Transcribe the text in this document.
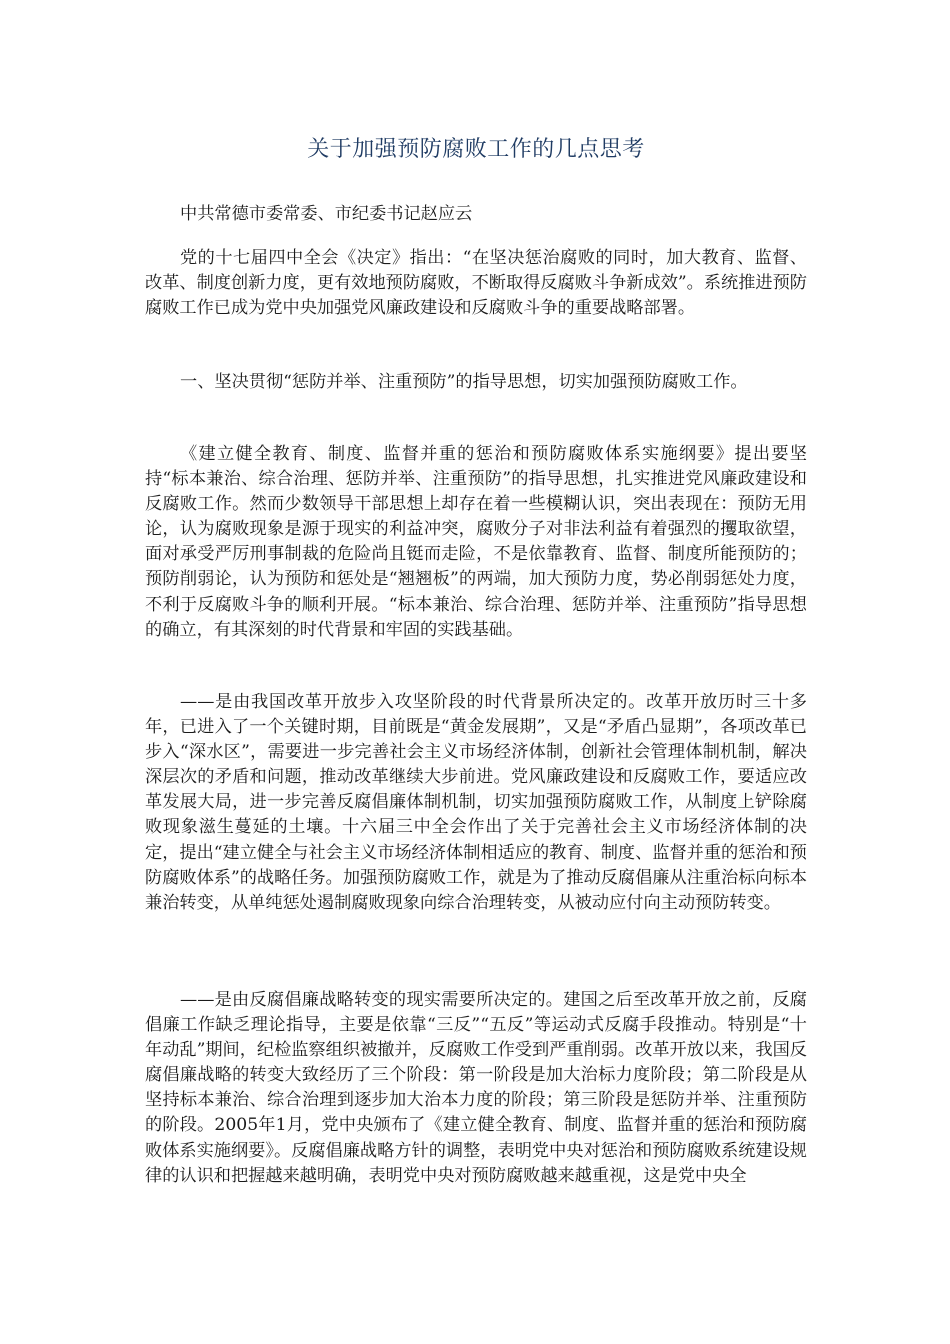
关于加强预防腐败工作的几点思考

中共常德市委常委、市纪委书记赵应云

党的十七届四中全会《决定》指出：“在坚决惩治腐败的同时，加大教育、监督、改革、制度创新力度，更有效地预防腐败，不断取得反腐败斗争新成效”。系统推进预防腐败工作已成为党中央加强党风廉政建设和反腐败斗争的重要战略部署。

一、坚决贯彻“惩防并举、注重预防”的指导思想，切实加强预防腐败工作。

《建立健全教育、制度、监督并重的惩治和预防腐败体系实施纲要》提出要坚持“标本兼治、综合治理、惩防并举、注重预防”的指导思想，扎实推进党风廉政建设和反腐败工作。然而少数领导干部思想上却存在着一些模糊认识，突出表现在：预防无用论，认为腐败现象是源于现实的利益冲突，腐败分子对非法利益有着强烈的攫取欲望，面对承受严厉刑事制裁的危险尚且铤而走险，不是依靠教育、监督、制度所能预防的；预防削弱论，认为预防和惩处是“翘翘板”的两端，加大预防力度，势必削弱惩处力度，不利于反腐败斗争的顺利开展。“标本兼治、综合治理、惩防并举、注重预防”指导思想的确立，有其深刻的时代背景和牢固的实践基础。

——是由我国改革开放步入攻坚阶段的时代背景所决定的。改革开放历时三十多年，已进入了一个关键时期，目前既是“黄金发展期”，又是“矛盾凸显期”，各项改革已步入“深水区”，需要进一步完善社会主义市场经济体制，创新社会管理体制机制，解决深层次的矛盾和问题，推动改革继续大步前进。党风廉政建设和反腐败工作，要适应改革发展大局，进一步完善反腐倡廉体制机制，切实加强预防腐败工作，从制度上铲除腐败现象滋生蔓延的土壤。十六届三中全会作出了关于完善社会主义市场经济体制的决定，提出“建立健全与社会主义市场经济体制相适应的教育、制度、监督并重的惩治和预防腐败体系”的战略任务。加强预防腐败工作，就是为了推动反腐倡廉从注重治标向标本兼治转变，从单纯惩处遏制腐败现象向综合治理转变，从被动应付向主动预防转变。

——是由反腐倡廉战略转变的现实需要所决定的。建国之后至改革开放之前，反腐倡廉工作缺乏理论指导，主要是依靠“三反”“五反”等运动式反腐手段推动。特别是“十年动乱”期间，纪检监察组织被撤并，反腐败工作受到严重削弱。改革开放以来，我国反腐倡廉战略的转变大致经历了三个阶段：第一阶段是加大治标力度阶段；第二阶段是从坚持标本兼治、综合治理到逐步加大治本力度的阶段；第三阶段是惩防并举、注重预防的阶段。2005年1月，党中央颁布了《建立健全教育、制度、监督并重的惩治和预防腐败体系实施纲要》。反腐倡廉战略方针的调整，表明党中央对惩治和预防腐败系统建设规律的认识和把握越来越明确，表明党中央对预防腐败越来越重视，这是党中央全
